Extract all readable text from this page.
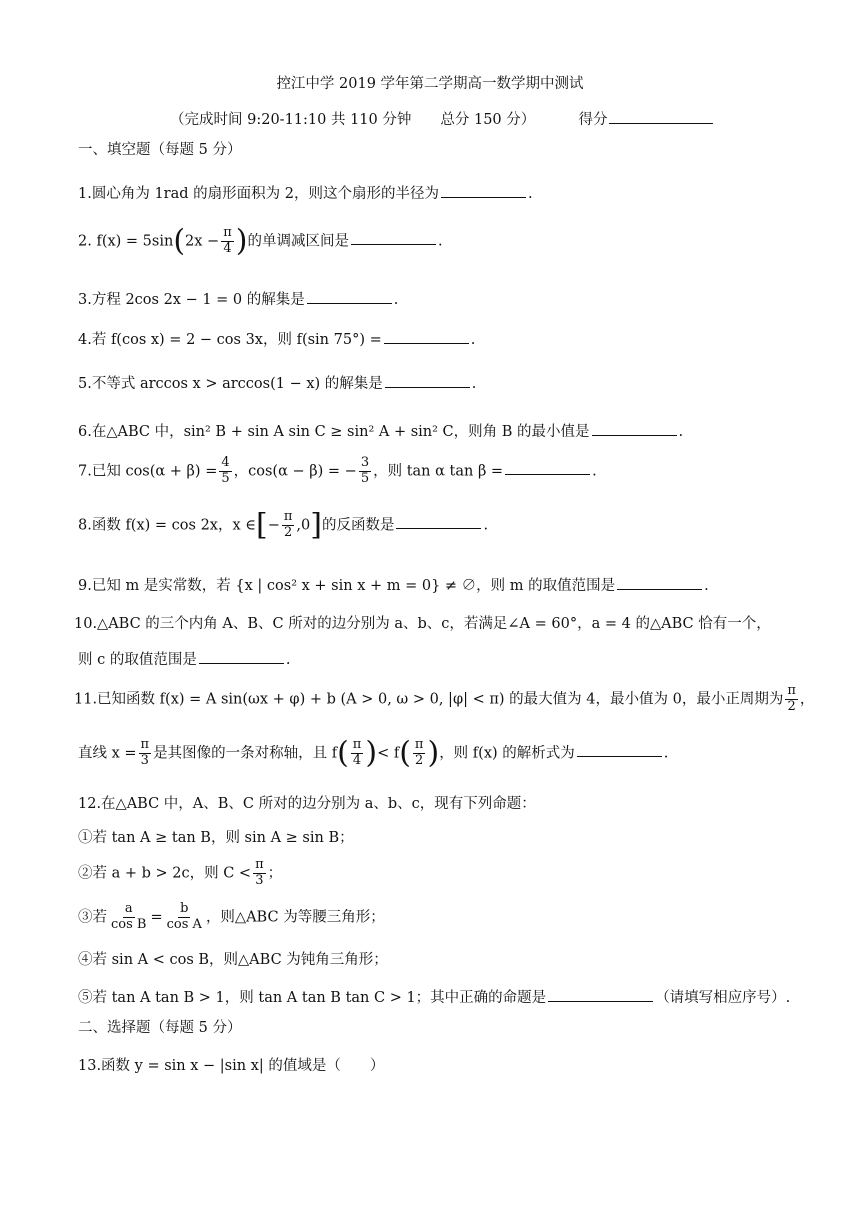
控江中学 2019 学年第二学期高一数学期中测试
（完成时间 9:20-11:10 共 110 分钟　　总分 150 分）	得分
一、填空题（每题 5 分）
1.圆心角为 1rad 的扇形面积为 2，则这个扇形的半径为	.
2. $f(x) = 5\sin(2x - \frac{\pi}{4}$ )的单调减区间是	.
3.方程 2cos 2x − 1 = 0 的解集是	.
4.若 f(cos x) = 2 − cos 3x，则 f(sin 75°) =	.
5.不等式 arccos x > arccos(1 − x) 的解集是	.
6.在△ABC 中，sin² B + sin A sin C ≥ sin² A + sin² C，则角 B 的最小值是	.
7.已知 $\cos(\alpha + \beta) = \frac{4}{5}$ ，cos(α − β) = − $\frac{3}{5}$ ，则 tan α tan β =	.
8.函数 f(x) = cos 2x，x ∈[− $\frac{\pi}{2} ,0$]的反函数是	.
9.已知 m 是实常数，若 {x | cos² x + sin x + m = 0} ≠ ∅，则 m 的取值范围是	.
10.△ABC 的三个内角 A、B、C 所对的边分别为 a、b、c，若满足∠A = 60°，a = 4 的△ABC 恰有一个，
则 c 的取值范围是	.
11.已知函数 f(x) = A sin(ωx + φ) + b (A > 0, ω > 0, |φ| < π) 的最大值为 4，最小值为 0，最小正周期为 $\frac{\pi}{2}$ ，
直线 $x = \frac{\pi}{3}$ 是其图像的一条对称轴，且 $f( \frac{\pi}{4}$ )< $f( \frac{\pi}{2}$ )，则 f(x) 的解析式为	.
12.在△ABC 中，A、B、C 所对的边分别为 a、b、c，现有下列命题：
①若 tan A ≥ tan B，则 sin A ≥ sin B；
②若 a + b > 2c，则 $C < \frac{\pi}{3}$ ；
③若 $\frac{a}{\text{cos B}} = \frac{b}{\text{cos A}}$ ，则△ABC 为等腰三角形；
④若 sin A < cos B，则△ABC 为钝角三角形；
⑤若 tan A tan B > 1，则 tan A tan B tan C > 1；其中正确的命题是	（请填写相应序号）.
二、选择题（每题 5 分）
13.函数 y = sin x − |sin x| 的值域是（　　）
